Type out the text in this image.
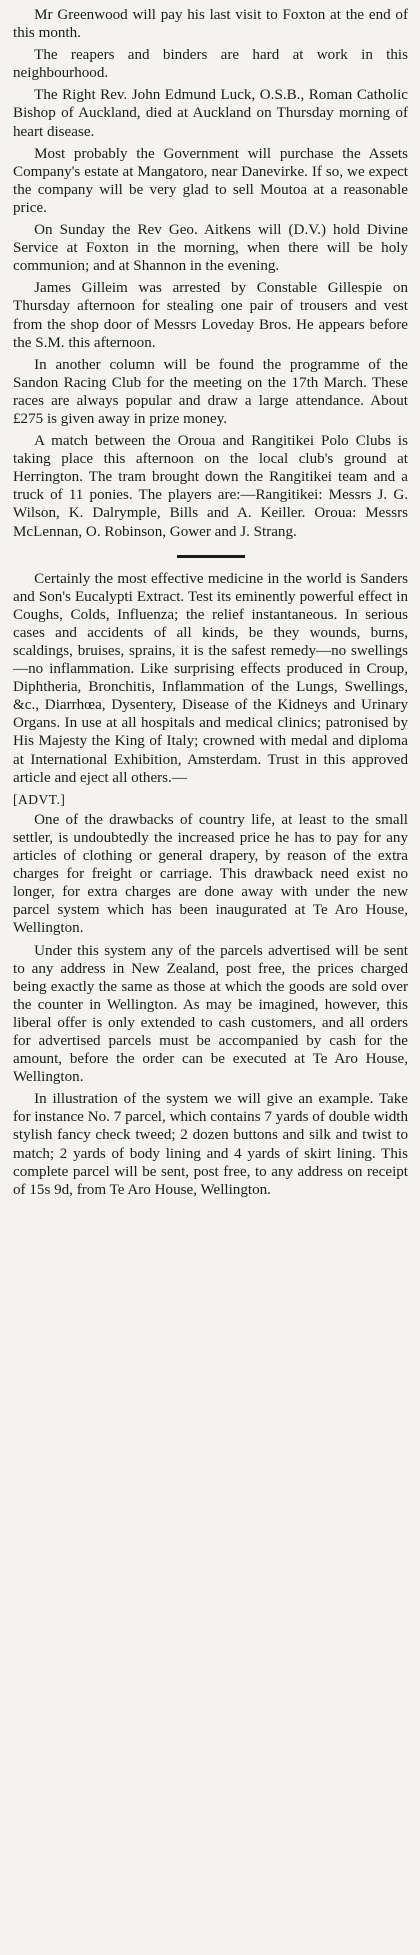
Mr Greenwood will pay his last visit to Foxton at the end of this month.

The reapers and binders are hard at work in this neighbourhood.

The Right Rev. John Edmund Luck, O.S.B., Roman Catholic Bishop of Auckland, died at Auckland on Thursday morning of heart disease.

Most probably the Government will purchase the Assets Company's estate at Mangatoro, near Danevirke. If so, we expect the company will be very glad to sell Moutoa at a reasonable price.

On Sunday the Rev Geo. Aitkens will (D.V.) hold Divine Service at Foxton in the morning, when there will be holy communion; and at Shannon in the evening.

James Gilleim was arrested by Constable Gillespie on Thursday afternoon for stealing one pair of trousers and vest from the shop door of Messrs Loveday Bros. He appears before the S.M. this afternoon.

In another column will be found the programme of the Sandon Racing Club for the meeting on the 17th March. These races are always popular and draw a large attendance. About £275 is given away in prize money.

A match between the Oroua and Rangitikei Polo Clubs is taking place this afternoon on the local club's ground at Herrington. The tram brought down the Rangitikei team and a truck of 11 ponies. The players are:—Rangitikei: Messrs J. G. Wilson, K. Dalrymple, Bills and A. Keiller. Oroua: Messrs McLennan, O. Robinson, Gower and J. Strang.

Certainly the most effective medicine in the world is Sanders and Son's Eucalypti Extract. Test its eminently powerful effect in Coughs, Colds, Influenza; the relief instantaneous. In serious cases and accidents of all kinds, be they wounds, burns, scaldings, bruises, sprains, it is the safest remedy—no swellings—no inflammation. Like surprising effects produced in Croup, Diphtheria, Bronchitis, Inflammation of the Lungs, Swellings, &c., Diarrhœa, Dysentery, Disease of the Kidneys and Urinary Organs. In use at all hospitals and medical clinics; patronised by His Majesty the King of Italy; crowned with medal and diploma at International Exhibition, Amsterdam. Trust in this approved article and eject all others.—

[ADVT.]

One of the drawbacks of country life, at least to the small settler, is undoubtedly the increased price he has to pay for any articles of clothing or general drapery, by reason of the extra charges for freight or carriage. This drawback need exist no longer, for extra charges are done away with under the new parcel system which has been inaugurated at Te Aro House, Wellington.

Under this system any of the parcels advertised will be sent to any address in New Zealand, post free, the prices charged being exactly the same as those at which the goods are sold over the counter in Wellington. As may be imagined, however, this liberal offer is only extended to cash customers, and all orders for advertised parcels must be accompanied by cash for the amount, before the order can be executed at Te Aro House, Wellington.

In illustration of the system we will give an example. Take for instance No. 7 parcel, which contains 7 yards of double width stylish fancy check tweed; 2 dozen buttons and silk and twist to match; 2 yards of body lining and 4 yards of skirt lining. This complete parcel will be sent, post free, to any address on receipt of 15s 9d, from Te Aro House, Wellington.
